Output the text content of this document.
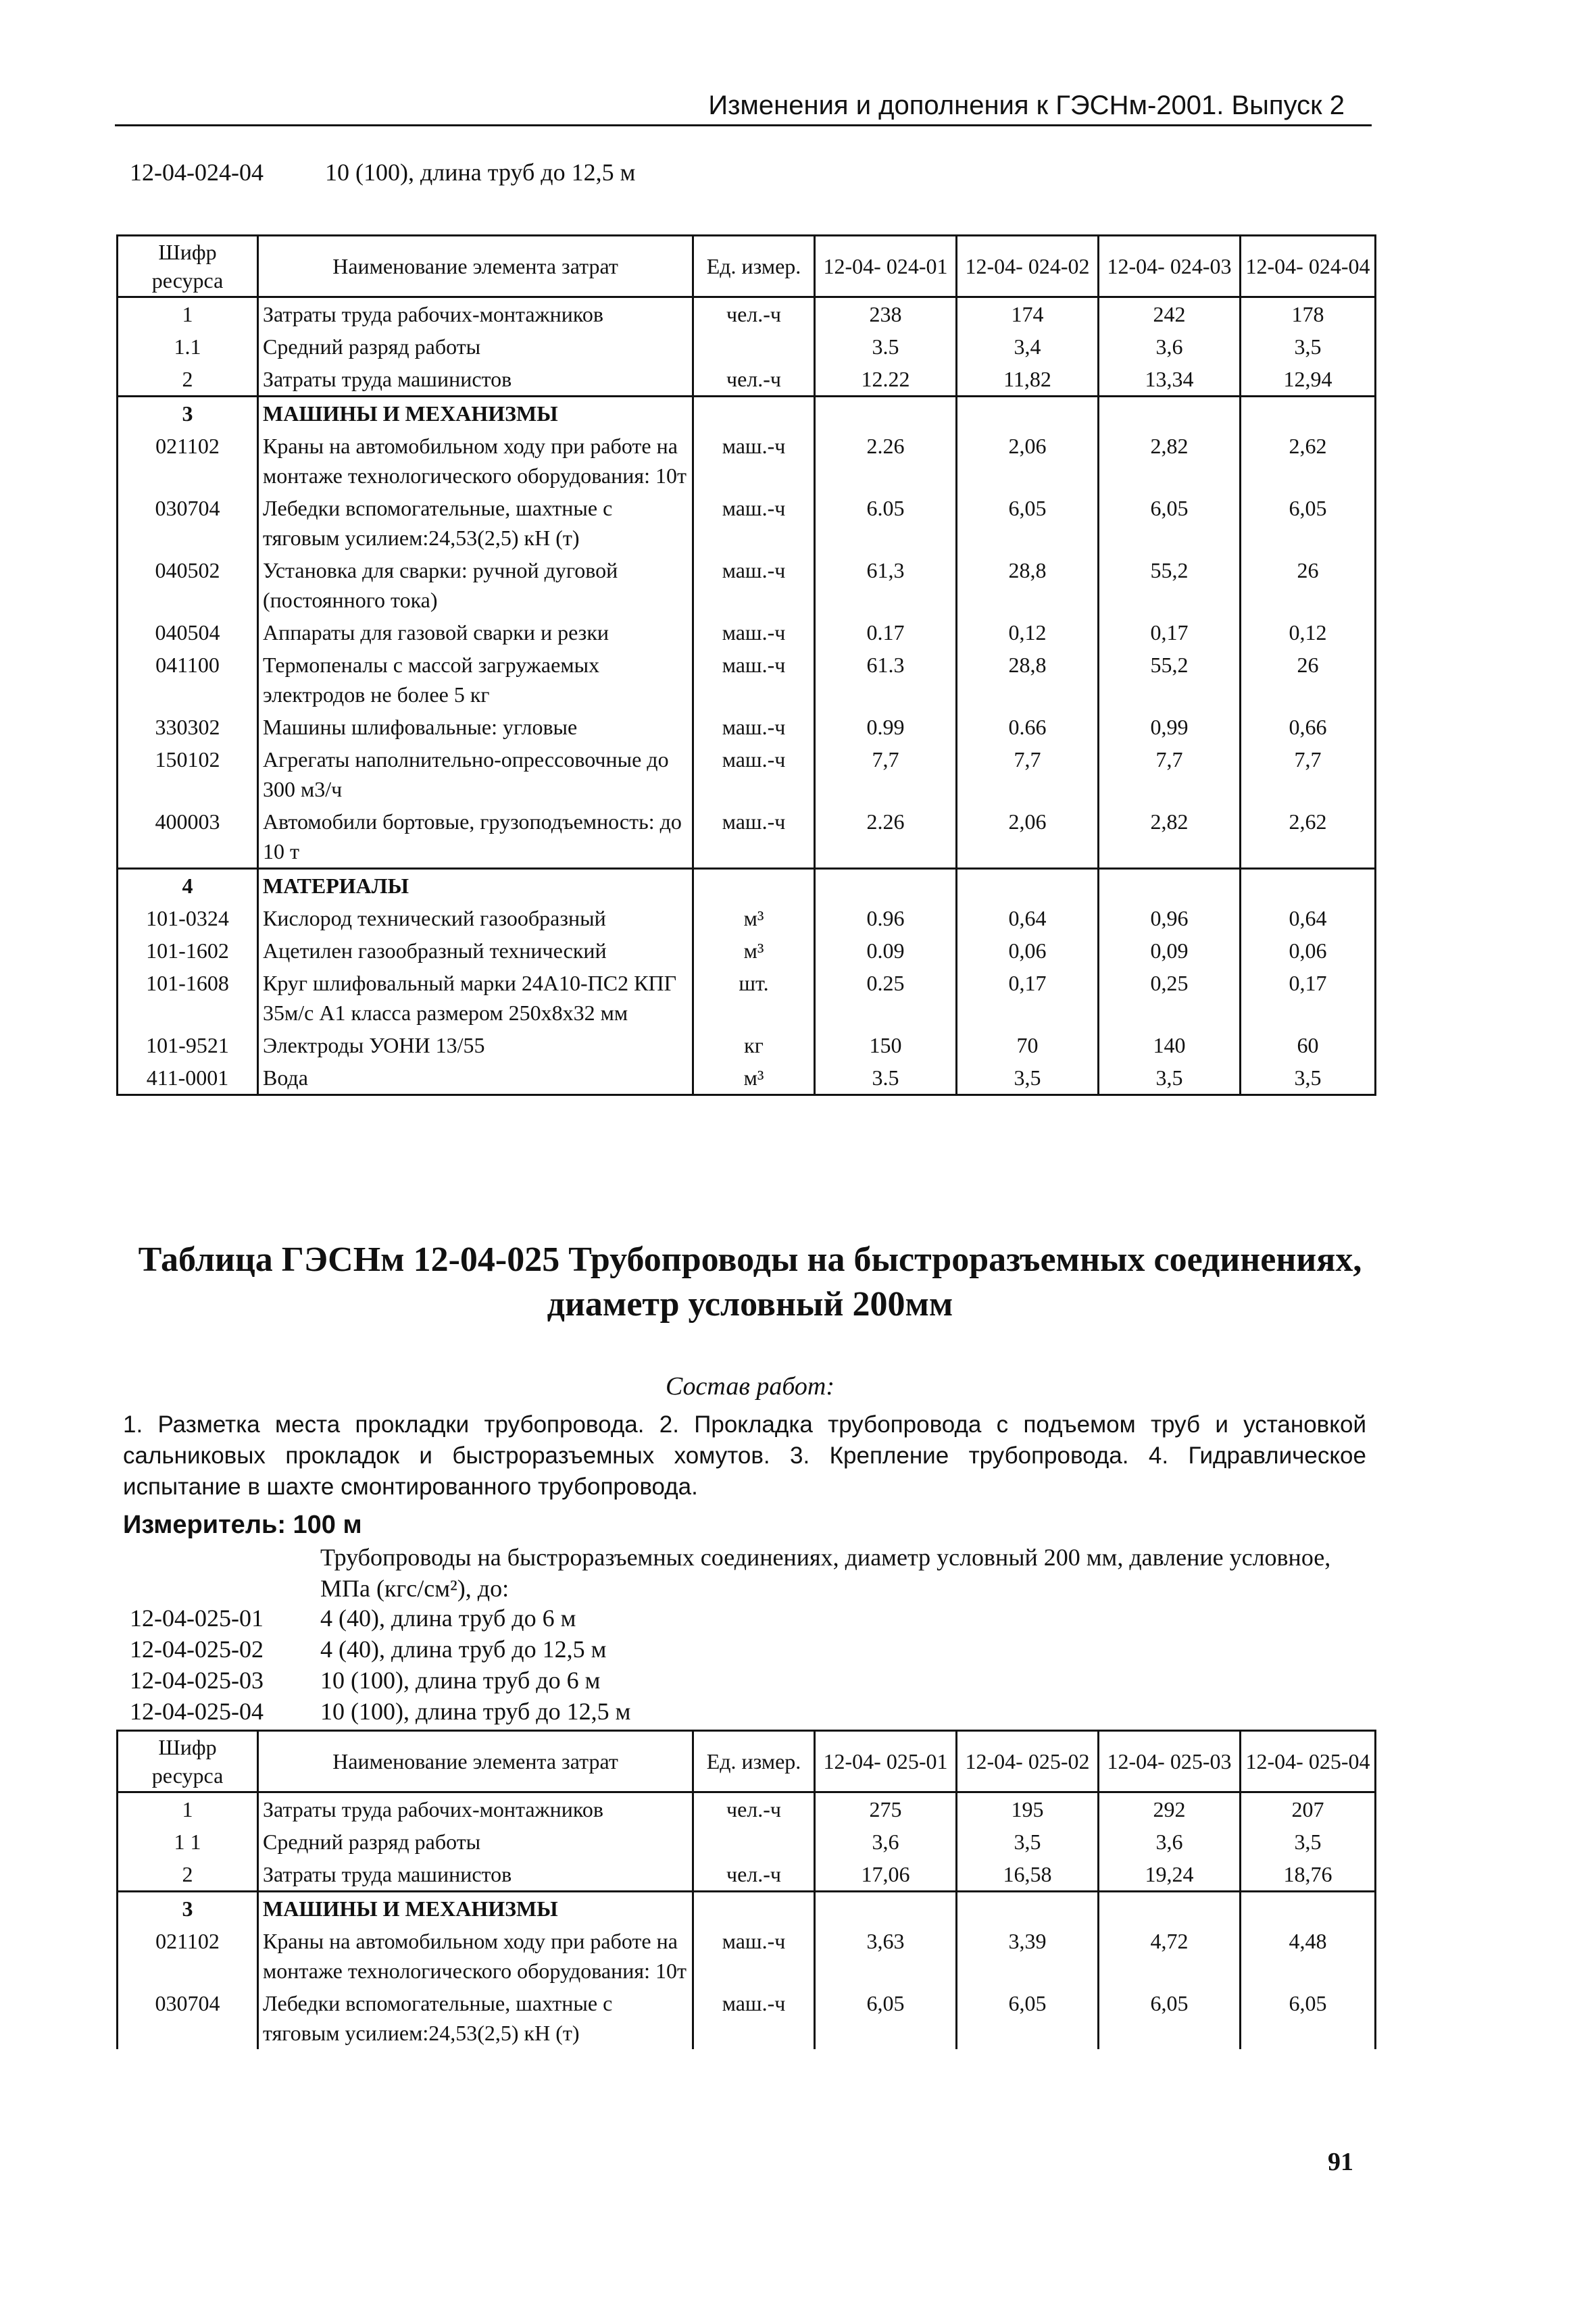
Изменения и дополнения к ГЭСНм-2001. Выпуск 2
12-04-024-04	10 (100), длина труб до 12,5 м
Шифр ресурса	Наименование элемента затрат	Ед. измер.	12-04- 024-01	12-04- 024-02	12-04- 024-03	12-04- 024-04
1	Затраты труда рабочих-монтажников	чел.-ч	238	174	242	178
1.1	Средний разряд работы		3.5	3,4	3,6	3,5
2	Затраты труда машинистов	чел.-ч	12.22	11,82	13,34	12,94
3	МАШИНЫ И МЕХАНИЗМЫ					
021102	Краны на автомобильном ходу при работе на монтаже технологического оборудования: 10т	маш.-ч	2.26	2,06	2,82	2,62
030704	Лебедки вспомогательные, шахтные с тяговым усилием:24,53(2,5) кН (т)	маш.-ч	6.05	6,05	6,05	6,05
040502	Установка для сварки: ручной дуговой (постоянного тока)	маш.-ч	61,3	28,8	55,2	26
040504	Аппараты для газовой сварки и резки	маш.-ч	0.17	0,12	0,17	0,12
041100	Термопеналы с массой загружаемых электродов не более 5 кг	маш.-ч	61.3	28,8	55,2	26
330302	Машины шлифовальные: угловые	маш.-ч	0.99	0.66	0,99	0,66
150102	Агрегаты наполнительно-опрессовочные до 300 м3/ч	маш.-ч	7,7	7,7	7,7	7,7
400003	Автомобили бортовые, грузоподъемность: до 10 т	маш.-ч	2.26	2,06	2,82	2,62
4	МАТЕРИАЛЫ					
101-0324	Кислород технический газообразный	м³	0.96	0,64	0,96	0,64
101-1602	Ацетилен газообразный технический	м³	0.09	0,06	0,09	0,06
101-1608	Круг шлифовальный марки 24А10-ПС2 КПГ 35м/с А1 класса размером 250х8х32 мм	шт.	0.25	0,17	0,25	0,17
101-9521	Электроды УОНИ 13/55	кг	150	70	140	60
411-0001	Вода	м³	3.5	3,5	3,5	3,5
Таблица ГЭСНм 12-04-025 Трубопроводы на быстроразъемных соединениях, диаметр условный 200мм
Состав работ:
1. Разметка места прокладки трубопровода. 2. Прокладка трубопровода с подъемом труб и установкой сальниковых прокладок и быстроразъемных хомутов. 3. Крепление трубопровода. 4. Гидравлическое испытание в шахте смонтированного трубопровода.
Измеритель: 100 м
Трубопроводы на быстроразъемных соединениях, диаметр условный 200 мм, давление условное, МПа (кгс/см²), до:
12-04-025-01 4 (40), длина труб до 6 м
12-04-025-02 4 (40), длина труб до 12,5 м
12-04-025-03 10 (100), длина труб до 6 м
12-04-025-04 10 (100), длина труб до 12,5 м
Шифр ресурса	Наименование элемента затрат	Ед. измер.	12-04- 025-01	12-04- 025-02	12-04- 025-03	12-04- 025-04
1	Затраты труда рабочих-монтажников	чел.-ч	275	195	292	207
1 1	Средний разряд работы		3,6	3,5	3,6	3,5
2	Затраты труда машинистов	чел.-ч	17,06	16,58	19,24	18,76
3	МАШИНЫ И МЕХАНИЗМЫ					
021102	Краны на автомобильном ходу при работе на монтаже технологического оборудования: 10т	маш.-ч	3,63	3,39	4,72	4,48
030704	Лебедки вспомогательные, шахтные с тяговым усилием:24,53(2,5) кН (т)	маш.-ч	6,05	6,05	6,05	6,05
91
